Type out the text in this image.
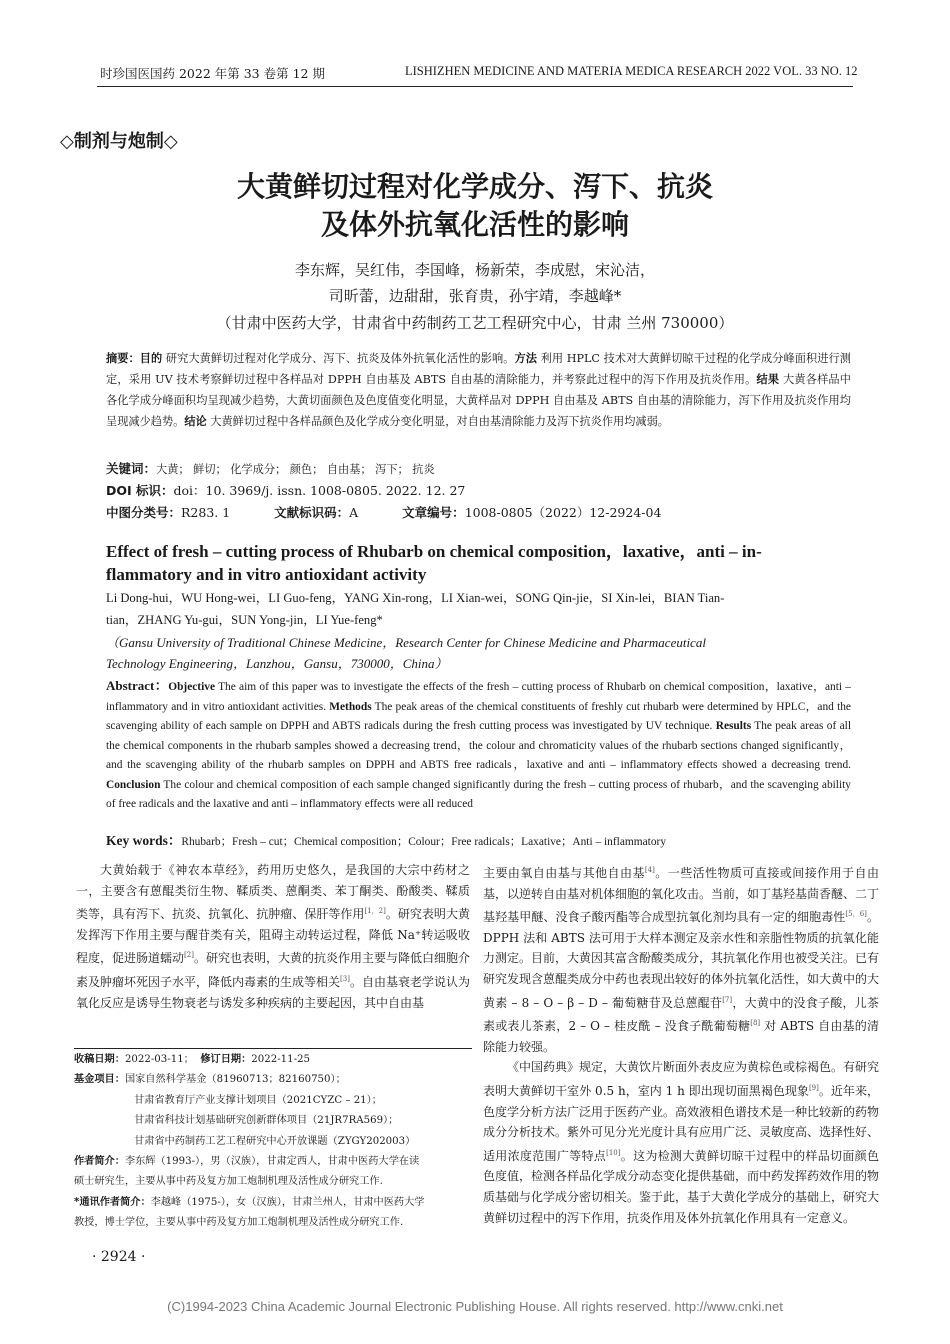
时珍国医国药 2022 年第 33 卷第 12 期	LISHIZHEN MEDICINE AND MATERIA MEDICA RESEARCH 2022 VOL. 33 NO. 12
◇制剂与炮制◇
大黄鲜切过程对化学成分、泻下、抗炎
及体外抗氧化活性的影响
李东辉，吴红伟，李国峰，杨新荣，李成慰，宋沁洁，
司昕蕾，边甜甜，张育贵，孙宇靖，李越峰*
（甘肃中医药大学，甘肃省中药制药工艺工程研究中心，甘肃 兰州 730000）
摘要：目的 研究大黄鲜切过程对化学成分、泻下、抗炎及体外抗氧化活性的影响。方法 利用 HPLC 技术对大黄鲜切晾干过程的化学成分峰面积进行测定，采用 UV 技术考察鲜切过程中各样品对 DPPH 自由基及 ABTS 自由基的清除能力，并考察此过程中的泻下作用及抗炎作用。结果 大黄各样品中各化学成分峰面积均呈现减少趋势，大黄切面颜色及色度值变化明显，大黄样品对 DPPH 自由基及 ABTS 自由基的清除能力，泻下作用及抗炎作用均呈现减少趋势。结论 大黄鲜切过程中各样品颜色及化学成分变化明显，对自由基清除能力及泻下抗炎作用均减弱。
关键词：大黄； 鲜切； 化学成分； 颜色； 自由基； 泻下； 抗炎
DOI 标识：doi：10. 3969/j. issn. 1008-0805. 2022. 12. 27
中图分类号：R283. 1	文献标识码：A	文章编号：1008-0805（2022）12-2924-04
Effect of fresh – cutting process of Rhubarb on chemical composition，laxative，anti – in-
flammatory and in vitro antioxidant activity
Li Dong-hui，WU Hong-wei，LI Guo-feng，YANG Xin-rong，LI Xian-wei，SONG Qin-jie，SI Xin-lei，BIAN Tian-
tian，ZHANG Yu-gui，SUN Yong-jin，LI Yue-feng*
（Gansu University of Traditional Chinese Medicine，Research Center for Chinese Medicine and Pharmaceutical
Technology Engineering，Lanzhou，Gansu，730000，China）
Abstract：Objective The aim of this paper was to investigate the effects of the fresh – cutting process of Rhubarb on chemical composition，laxative，anti – inflammatory and in vitro antioxidant activities. Methods The peak areas of the chemical constituents of freshly cut rhubarb were determined by HPLC，and the scavenging ability of each sample on DPPH and ABTS radicals during the fresh cutting process was investigated by UV technique. Results The peak areas of all the chemical components in the rhubarb samples showed a decreasing trend，the colour and chromaticity values of the rhubarb sections changed significantly，and the scavenging ability of the rhubarb samples on DPPH and ABTS free radicals，laxative and anti – inflammatory effects showed a decreasing trend. Conclusion The colour and chemical composition of each sample changed significantly during the fresh – cutting process of rhubarb，and the scavenging ability of free radicals and the laxative and anti – inflammatory effects were all reduced
Key words：Rhubarb；Fresh – cut；Chemical composition；Colour；Free radicals；Laxative；Anti – inflammatory

大黄始载于《神农本草经》，药用历史悠久，是我国的大宗中药材之一，主要含有蒽醌类衍生物、鞣质类、蒽酮类、苯丁酮类、酚酸类、鞣质类等，具有泻下、抗炎、抗氧化、抗肿瘤、保肝等作用[1，2]。研究表明大黄发挥泻下作用主要与醒苷类有关，阻碍主动转运过程，降低 Na⁺转运吸收程度，促进肠道蠕动[2]。研究也表明，大黄的抗炎作用主要与降低白细胞介素及肿瘤坏死因子水平，降低内毒素的生成等相关[3]。自由基衰老学说认为氧化反应是诱导生物衰老与诱发多种疾病的主要起因，其中自由基

主要由氧自由基与其他自由基[4]。一些活性物质可直接或间接作用于自由基，以逆转自由基对机体细胞的氧化攻击。当前，如丁基羟基茴香醚、二丁基羟基甲醚、没食子酸丙酯等合成型抗氧化剂均具有一定的细胞毒性[5，6]。DPPH 法和 ABTS 法可用于大样本测定及亲水性和亲脂性物质的抗氧化能力测定。目前，大黄因其富含酚酸类成分，其抗氧化作用也被受关注。已有研究发现含蒽醌类成分中药也表现出较好的体外抗氧化活性，如大黄中的大黄素 – 8 – O – β – D – 葡萄糖苷及总蒽醌苷[7]，大黄中的没食子酸，儿茶素或表儿茶素，2 – O – 桂皮酰 – 没食子酰葡萄糖[8] 对 ABTS 自由基的清除能力较强。

《中国药典》规定，大黄饮片断面外表皮应为黄棕色或棕褐色。有研究表明大黄鲜切干室外 0.5 h，室内 1 h 即出现切面黑褐色现象[9]。近年来，色度学分析方法广泛用于医药产业。高效液相色谱技术是一种比较新的药物成分分析技术。紫外可见分光光度计具有应用广泛、灵敏度高、选择性好、适用浓度范围广等特点[10]。这为检测大黄鲜切晾干过程中的样品切面颜色色度值，检测各样品化学成分动态变化提供基础，而中药发挥药效作用的物质基础与化学成分密切相关。鉴于此，基于大黄化学成分的基础上，研究大黄鲜切过程中的泻下作用，抗炎作用及体外抗氧化作用具有一定意义。

收稿日期：2022-03-11； 修订日期：2022-11-25
基金项目：国家自然科学基金（81960713；82160750）；
甘肃省教育厅产业支撑计划项目（2021CYZC – 21）；
甘肃省科技计划基础研究创新群体项目（21JR7RA569）；
甘肃省中药制药工艺工程研究中心开放课题（ZYGY202003）
作者简介：李东辉（1993-），男（汉族），甘肃定西人，甘肃中医药大学在读
硕士研究生，主要从事中药及复方加工炮制机理及活性成分研究工作.
*通讯作者简介：李越峰（1975-），女（汉族），甘肃兰州人，甘肃中医药大学
教授，博士学位，主要从事中药及复方加工炮制机理及活性成分研究工作.
· 2924 ·
(C)1994-2023 China Academic Journal Electronic Publishing House. All rights reserved. http://www.cnki.net
